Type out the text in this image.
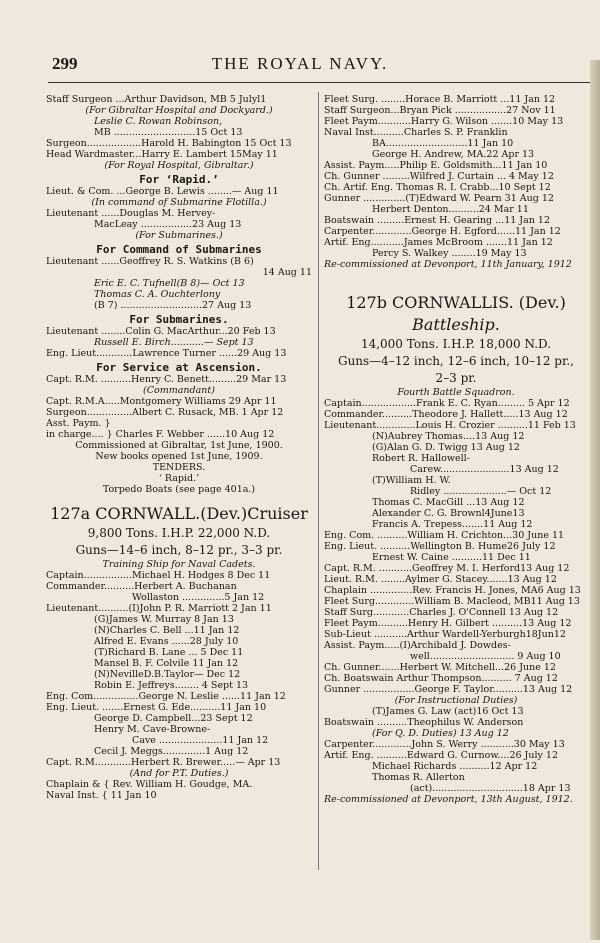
299	THE ROYAL NAVY.
Staff Surgeon ...Arthur Davidson, MB 5 Julyl1
(For Gibraltar Hospital and Dockyard.)
Leslie C. Rowan Robinson,
MB ...........................15 Oct 13
Surgeon..................Harold H. Babington 15 Oct 13
Head Wardmaster...Harry E. Lambert 15May 11
(For Royal Hospital, Gibraltar.)
For ‘Rapid.’
Lieut. & Com. ...George B. Lewis ........— Aug 11
(In command of Submarine Flotilla.)
Lieutenant ......Douglas M. Hervey-
MacLeay .................23 Aug 13
(For Submarines.)
For Command of Submarines
Lieutenant ......Geoffrey R. S. Watkins (B 6)
14 Aug 11
Eric E. C. Tufnell(B 8)— Oct 13
Thomas C. A. Ouchterlony
(B 7) ...........................27 Aug 13
For Submarines.
Lieutenant ........Colin G. MacArthur...20 Feb 13
Russell E. Birch...........— Sept 13
Eng. Lieut............Lawrence Turner ......29 Aug 13
For Service at Ascension.
Capt. R.M. ..........Henry C. Benett.........29 Mar 13
(Commandant)
Capt. R.M.A.....Montgomery Williams 29 Apr 11
Surgeon...............Albert C. Rusack, MB. 1 Apr 12
Asst. Paym. }
in charge.... } Charles F. Webber ......10 Aug 12
Commissioned at Gibraltar, 1st June, 1900.
New books opened 1st June, 1909.
TENDERS.
‘ Rapid.’
Torpedo Boats (see page 401a.)
127a CORNWALL.(Dev.)Cruiser
9,800 Tons. I.H.P. 22,000 N.D.
Guns—14–6 inch, 8–12 pr., 3–3 pr.
Training Ship for Naval Cadets.
Captain................Michael H. Hodges 8 Dec 11
Commander..........Herbert A. Buchanan
Wollaston ..............5 Jan 12
Lieutenant..........(I)John P. R. Marriott 2 Jan 11
(G)James W. Murray 8 Jan 13
(N)Charles C. Bell ...11 Jan 12
Alfred E. Evans ......28 July 10
(T)Richard B. Lane ... 5 Dec 11
Mansel B. F. Colvile 11 Jan 12
(N)NevilleD.B.Taylor— Dec 12
Robin E. Jeffreys........ 4 Sept 13
Eng. Com...............George N. Leslie ......11 Jan 12
Eng. Lieut. .......Ernest G. Ede..........11 Jan 10
George D. Campbell...23 Sept 12
Henry M. Cave-Browne-
Cave .....................11 Jan 12
Cecil J. Meggs..............1 Aug 12
Capt. R.M............Herbert R. Brewer.....— Apr 13
(And for P.T. Duties.)
Chaplain & { Rev. William H. Goudge, MA.
Naval Inst. { 11 Jan 10
Fleet Surg. ........Horace B. Marriott ...11 Jan 12
Staff Surgeon...Bryan Pick .................27 Nov 11
Fleet Paym...........Harry G. Wilson .......10 May 13
Naval Inst..........Charles S. P. Franklin
BA...........................11 Jan 10
George H. Andrew, MA.22 Apr 13
Assist. Paym.....Philip E. Goldsmith...11 Jan 10
Ch. Gunner .........Wilfred J. Curtain ... 4 May 12
Ch. Artif. Eng. Thomas R. I. Crabb...10 Sept 12
Gunner ..............(T)Edward W. Pearn 31 Aug 12
Herbert Denton..........24 Mar 11
Boatswain .........Ernest H. Gearing ...11 Jan 12
Carpenter.............George H. Egford......11 Jan 12
Artif. Eng...........James McBroom .......11 Jan 12
Percy S. Walkey ........19 May 13
Re-commissioned at Devonport, 11th January, 1912
127b CORNWALLIS. (Dev.)
Battleship.
14,000 Tons. I.H.P. 18,000 N.D.
Guns—4–12 inch, 12–6 inch, 10–12 pr.,
2–3 pr.
Fourth Battle Squadron.
Captain..................Frank E. C. Ryan......... 5 Apr 12
Commander..........Theodore J. Hallett.....13 Aug 12
Lieutenant.............Louis H. Crozier ..........11 Feb 13
(N)Aubrey Thomas....13 Aug 12
(G)Alan G. D. Twigg 13 Aug 12
Robert R. Hallowell-
Carew.......................13 Aug 12
(T)William H. W.
Ridley .....................— Oct 12
Thomas C. MacGill ...13 Aug 12
Alexander C. G. Brownl4June13
Francis A. Trepess.......11 Aug 12
Eng. Com. ..........William H. Crichton...30 June 11
Eng. Lieut. ..........Wellington B. Hume26 July 12
Ernest W. Caine ..........11 Dec 11
Capt. R.M. ...........Geoffrey M. I. Herford13 Aug 12
Lieut. R.M. ........Aylmer G. Stacey.......13 Aug 12
Chaplain ..............Rev. Francis H. Jones, MA6 Aug 13
Fleet Surg.............William B. Macleod, MB11 Aug 13
Staff Surg............Charles J. O'Connell 13 Aug 12
Fleet Paym..........Henry H. Gilbert ..........13 Aug 12
Sub-Lieut ...........Arthur Wardell-Yerburgh18Jun12
Assist. Paym.....(I)Archibald J. Dowdes-
well............................ 9 Aug 10
Ch. Gunner.......Herbert W. Mitchell...26 June 12
Ch. Boatswain Arthur Thompson.......... 7 Aug 12
Gunner .................George F. Taylor..........13 Aug 12
(For Instructional Duties)
(T)James G. Law (act)16 Oct 13
Boatswain ..........Theophilus W. Anderson
(For Q. D. Duties) 13 Aug 12
Carpenter.............John S. Werry ...........30 May 13
Artif. Eng. ..........Edward G. Curnow....26 July 12
Michael Richards ..........12 Apr 12
Thomas R. Allerton
(act)..............................18 Apr 13
Re-commissioned at Devonport, 13th August, 1912.
